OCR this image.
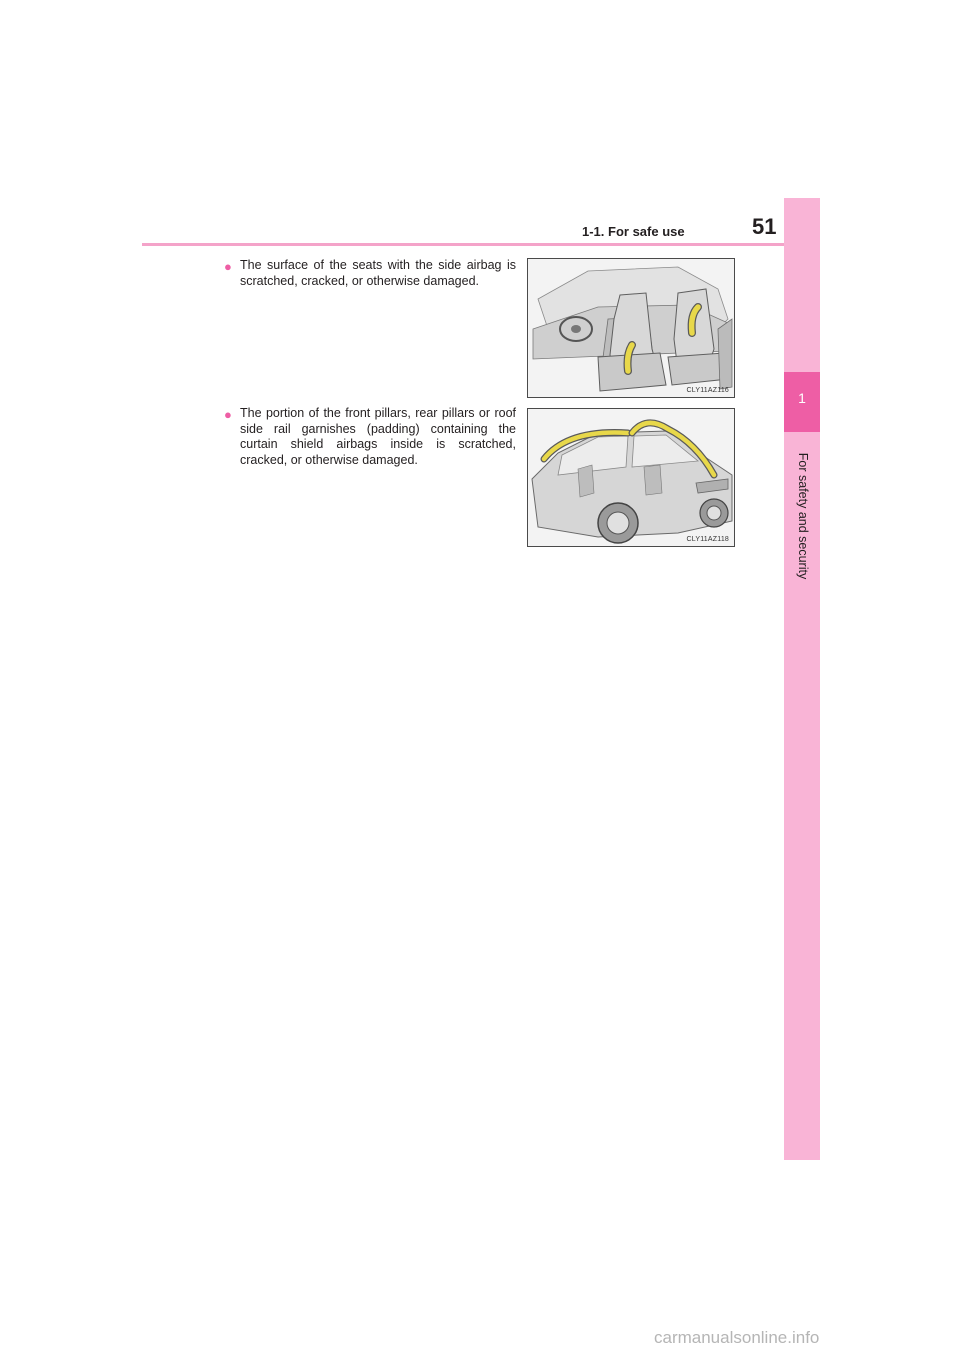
1-1. For safe use	51
1
For safety and security
● The surface of the seats with the side airbag is scratched, cracked, or otherwise damaged.
CLY11AZ116
● The portion of the front pillars, rear pillars or roof side rail garnishes (padding) containing the curtain shield airbags inside is scratched, cracked, or otherwise damaged.
CLY11AZ118
carmanualsonline.info
